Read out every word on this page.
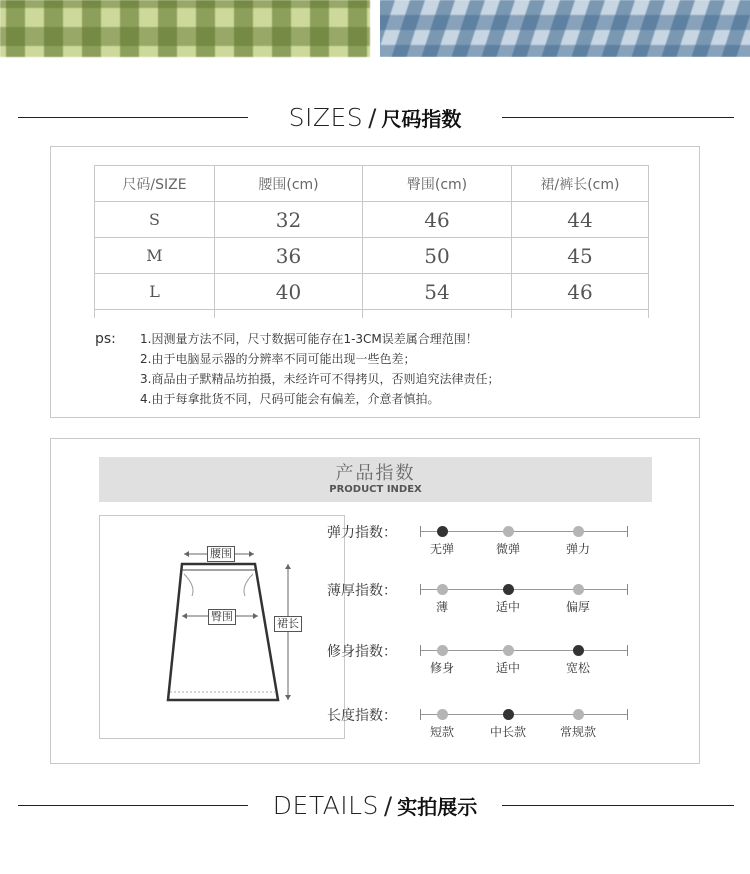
SIZES / 尺码指数
尺码/SIZE	腰围(cm)	臀围(cm)	裙/裤长(cm)
S	32	46	44
M	36	50	45
L	40	54	46

ps: 1.因测量方法不同，尺寸数据可能存在1-3CM误差属合理范围！
2.由于电脑显示器的分辨率不同可能出现一些色差；
3.商品由子默精品坊拍摄，未经许可不得拷贝，否则追究法律责任；
4.由于每拿批货不同，尺码可能会有偏差，介意者慎拍。
产品指数
PRODUCT INDEX
腰围
臀围
裙长
弹力指数：
无弹	微弹	弹力
薄厚指数：
薄	适中	偏厚
修身指数：
修身	适中	宽松
长度指数：
短款	中长款	常规款
DETAILS / 实拍展示
